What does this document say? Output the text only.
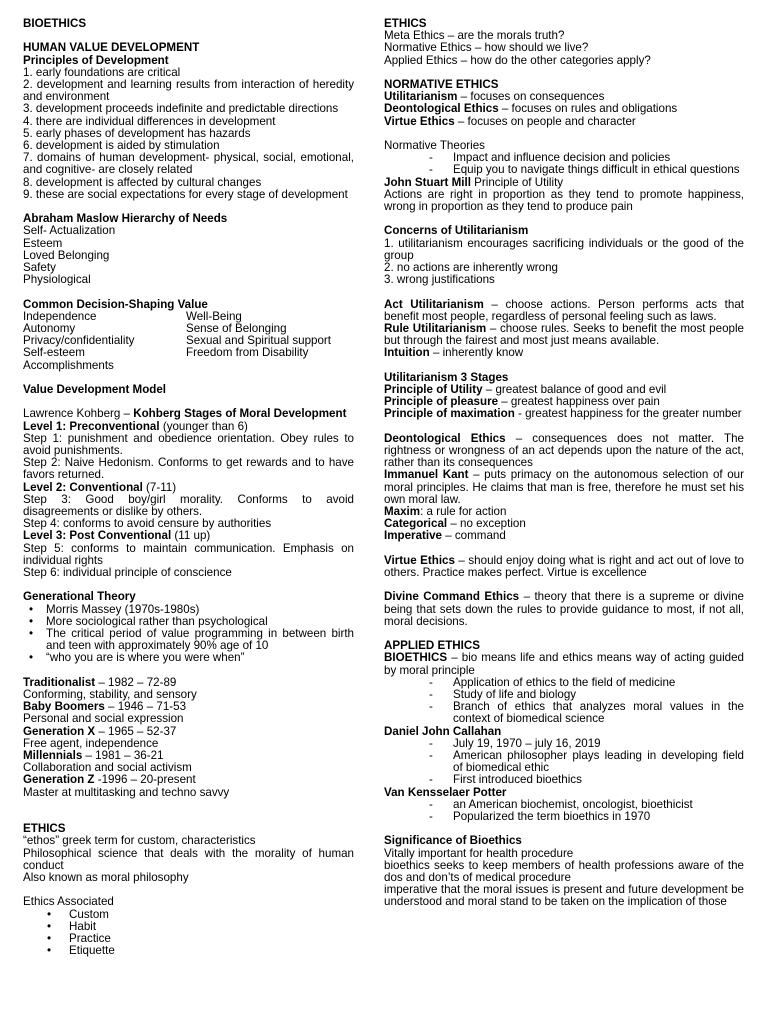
BIOETHICS
HUMAN VALUE DEVELOPMENT
Principles of Development
1. early foundations are critical
2. development and learning results from interaction of heredity and environment
3. development proceeds indefinite and predictable directions
4. there are individual differences in development
5. early phases of development has hazards
6. development is aided by stimulation
7. domains of human development- physical, social, emotional, and cognitive- are closely related
8. development is affected by cultural changes
9. these are social expectations for every stage of development
Abraham Maslow Hierarchy of Needs
Self- Actualization
Esteem
Loved Belonging
Safety
Physiological
Common Decision-Shaping Value
Independence	Well-Being
Autonomy	Sense of Belonging
Privacy/confidentiality	Sexual and Spiritual support
Self-esteem	Freedom from Disability
Accomplishments
Value Development Model
Lawrence Kohberg – Kohberg Stages of Moral Development
Level 1: Preconventional (younger than 6)
Step 1: punishment and obedience orientation. Obey rules to avoid punishments.
Step 2: Naive Hedonism. Conforms to get rewards and to have favors returned.
Level 2: Conventional (7-11)
Step 3: Good boy/girl morality. Conforms to avoid disagreements or dislike by others.
Step 4: conforms to avoid censure by authorities
Level 3: Post Conventional (11 up)
Step 5: conforms to maintain communication. Emphasis on individual rights
Step 6: individual principle of conscience
Generational Theory
• Morris Massey (1970s-1980s)
• More sociological rather than psychological
• The critical period of value programming in between birth and teen with approximately 90% age of 10
• “who you are is where you were when”
Traditionalist – 1982 – 72-89
Conforming, stability, and sensory
Baby Boomers – 1946 – 71-53
Personal and social expression
Generation X – 1965 – 52-37
Free agent, independence
Millennials – 1981 – 36-21
Collaboration and social activism
Generation Z -1996 – 20-present
Master at multitasking and techno savvy
ETHICS
“ethos” greek term for custom, characteristics
Philosophical science that deals with the morality of human conduct
Also known as moral philosophy
Ethics Associated
• Custom
• Habit
• Practice
• Etiquette
ETHICS
Meta Ethics – are the morals truth?
Normative Ethics – how should we live?
Applied Ethics – how do the other categories apply?
NORMATIVE ETHICS
Utilitarianism – focuses on consequences
Deontological Ethics – focuses on rules and obligations
Virtue Ethics – focuses on people and character
Normative Theories
- Impact and influence decision and policies
- Equip you to navigate things difficult in ethical questions
John Stuart Mill Principle of Utility
Actions are right in proportion as they tend to promote happiness, wrong in proportion as they tend to produce pain
Concerns of Utilitarianism
1. utilitarianism encourages sacrificing individuals or the good of the group
2. no actions are inherently wrong
3. wrong justifications
Act Utilitarianism – choose actions. Person performs acts that benefit most people, regardless of personal feeling such as laws.
Rule Utilitarianism – choose rules. Seeks to benefit the most people but through the fairest and most just means available.
Intuition – inherently know
Utilitarianism 3 Stages
Principle of Utility – greatest balance of good and evil
Principle of pleasure – greatest happiness over pain
Principle of maximation - greatest happiness for the greater number
Deontological Ethics – consequences does not matter. The rightness or wrongness of an act depends upon the nature of the act, rather than its consequences
Immanuel Kant – puts primacy on the autonomous selection of our moral principles. He claims that man is free, therefore he must set his own moral law.
Maxim: a rule for action
Categorical – no exception
Imperative – command
Virtue Ethics – should enjoy doing what is right and act out of love to others. Practice makes perfect. Virtue is excellence
Divine Command Ethics – theory that there is a supreme or divine being that sets down the rules to provide guidance to most, if not all, moral decisions.
APPLIED ETHICS
BIOETHICS – bio means life and ethics means way of acting guided by moral principle
- Application of ethics to the field of medicine
- Study of life and biology
- Branch of ethics that analyzes moral values in the context of biomedical science
Daniel John Callahan
- July 19, 1970 – july 16, 2019
- American philosopher plays leading in developing field of biomedical ethic
- First introduced bioethics
Van Kensselaer Potter
- an American biochemist, oncologist, bioethicist
- Popularized the term bioethics in 1970
Significance of Bioethics
Vitally important for health procedure
bioethics seeks to keep members of health professions aware of the dos and don’ts of medical procedure
imperative that the moral issues is present and future development be understood and moral stand to be taken on the implication of those
